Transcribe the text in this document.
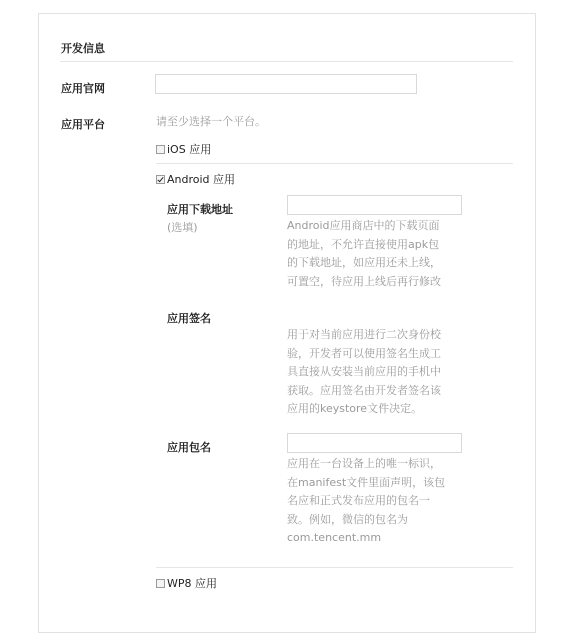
开发信息
应用官网
应用平台	请至少选择一个平台。
iOS 应用
Android 应用
应用下载地址
(选填)	Android应用商店中的下载页面
的地址，不允许直接使用apk包
的下载地址，如应用还未上线，
可置空，待应用上线后再行修改
应用签名
用于对当前应用进行二次身份校
验，开发者可以使用签名生成工
具直接从安装当前应用的手机中
获取。应用签名由开发者签名该
应用的keystore文件决定。
应用包名
应用在一台设备上的唯一标识，
在manifest文件里面声明，该包
名应和正式发布应用的包名一
致。例如，微信的包名为
com.tencent.mm
WP8 应用
